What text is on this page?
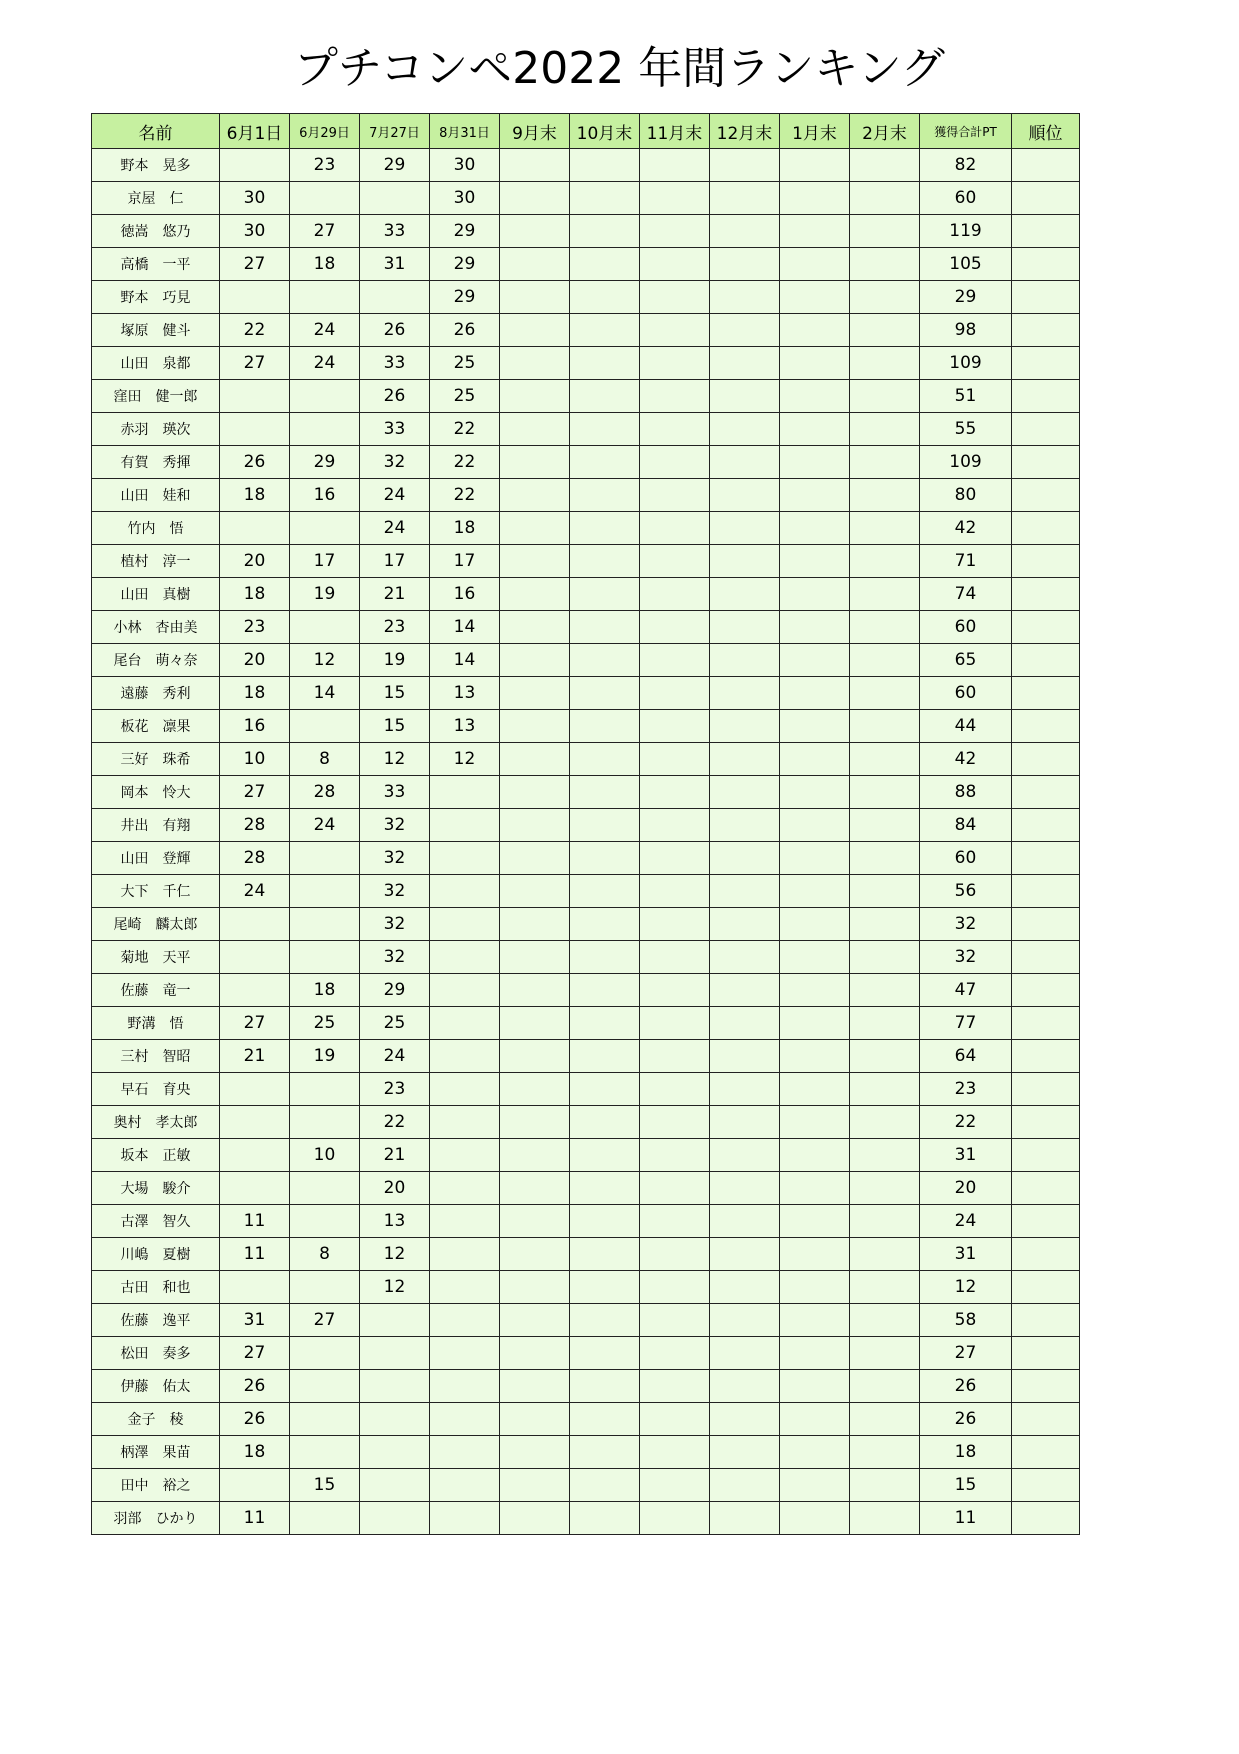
プチコンペ2022 年間ランキング
名前	6月1日	6月29日	7月27日	8月31日	9月末	10月末	11月末	12月末	1月末	2月末	獲得合計PT	順位
野本　晃多		23	29	30							82	
京屋　仁	30			30							60	
徳嵩　悠乃	30	27	33	29							119	
高橋　一平	27	18	31	29							105	
野本　巧見				29							29	
塚原　健斗	22	24	26	26							98	
山田　泉都	27	24	33	25							109	
窪田　健一郎			26	25							51	
赤羽　瑛次			33	22							55	
有賀　秀揮	26	29	32	22							109	
山田　娃和	18	16	24	22							80	
竹内　悟			24	18							42	
植村　淳一	20	17	17	17							71	
山田　真樹	18	19	21	16							74	
小林　杏由美	23		23	14							60	
尾台　萌々奈	20	12	19	14							65	
遠藤　秀利	18	14	15	13							60	
板花　凛果	16		15	13							44	
三好　珠希	10	8	12	12							42	
岡本　怜大	27	28	33								88	
井出　有翔	28	24	32								84	
山田　登輝	28		32								60	
大下　千仁	24		32								56	
尾崎　麟太郎			32								32	
菊地　天平			32								32	
佐藤　竜一		18	29								47	
野溝　悟	27	25	25								77	
三村　智昭	21	19	24								64	
早石　育央			23								23	
奥村　孝太郎			22								22	
坂本　正敏		10	21								31	
大場　駿介			20								20	
古澤　智久	11		13								24	
川嶋　夏樹	11	8	12								31	
古田　和也			12								12	
佐藤　逸平	31	27									58	
松田　奏多	27										27	
伊藤　佑太	26										26	
金子　稜	26										26	
柄澤　果苗	18										18	
田中　裕之		15									15	
羽部　ひかり	11										11	
